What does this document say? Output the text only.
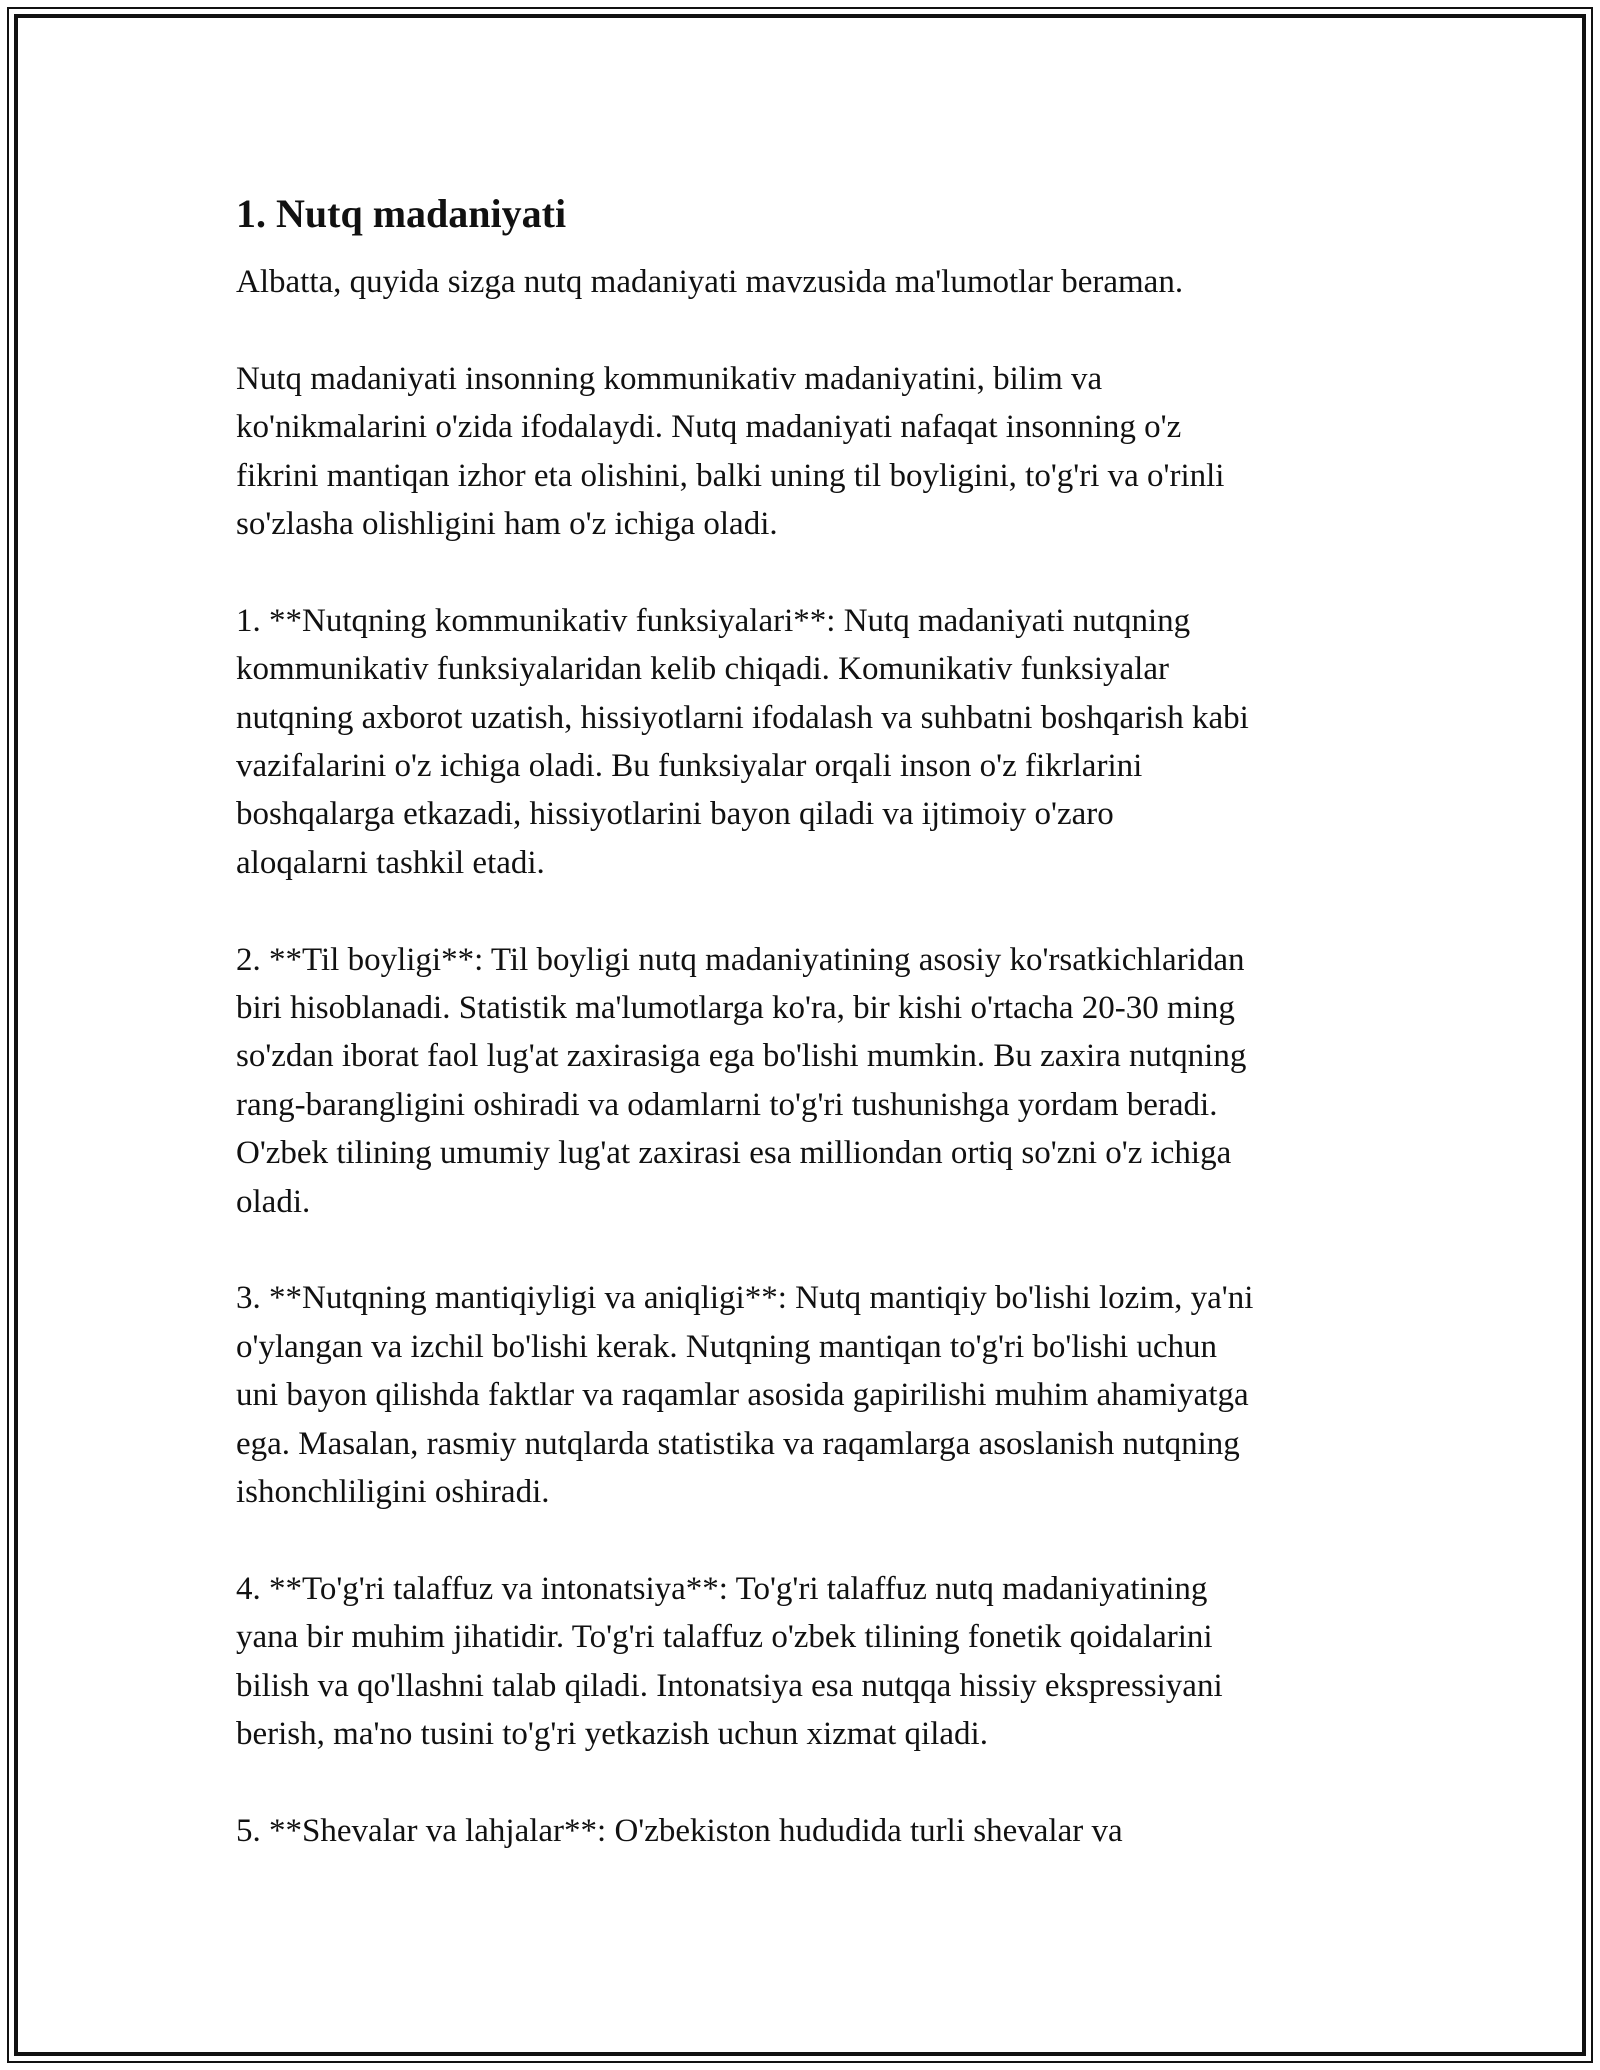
1. Nutq madaniyati

Albatta, quyida sizga nutq madaniyati mavzusida ma'lumotlar beraman.

Nutq madaniyati insonning kommunikativ madaniyatini, bilim va
ko'nikmalarini o'zida ifodalaydi. Nutq madaniyati nafaqat insonning o'z
fikrini mantiqan izhor eta olishini, balki uning til boyligini, to'g'ri va o'rinli
so'zlasha olishligini ham o'z ichiga oladi.

1. **Nutqning kommunikativ funksiyalari**: Nutq madaniyati nutqning
kommunikativ funksiyalaridan kelib chiqadi. Komunikativ funksiyalar
nutqning axborot uzatish, hissiyotlarni ifodalash va suhbatni boshqarish kabi
vazifalarini o'z ichiga oladi. Bu funksiyalar orqali inson o'z fikrlarini
boshqalarga etkazadi, hissiyotlarini bayon qiladi va ijtimoiy o'zaro
aloqalarni tashkil etadi.

2. **Til boyligi**: Til boyligi nutq madaniyatining asosiy ko'rsatkichlaridan
biri hisoblanadi. Statistik ma'lumotlarga ko'ra, bir kishi o'rtacha 20-30 ming
so'zdan iborat faol lug'at zaxirasiga ega bo'lishi mumkin. Bu zaxira nutqning
rang-barangligini oshiradi va odamlarni to'g'ri tushunishga yordam beradi.
O'zbek tilining umumiy lug'at zaxirasi esa milliondan ortiq so'zni o'z ichiga
oladi.

3. **Nutqning mantiqiyligi va aniqligi**: Nutq mantiqiy bo'lishi lozim, ya'ni
o'ylangan va izchil bo'lishi kerak. Nutqning mantiqan to'g'ri bo'lishi uchun
uni bayon qilishda faktlar va raqamlar asosida gapirilishi muhim ahamiyatga
ega. Masalan, rasmiy nutqlarda statistika va raqamlarga asoslanish nutqning
ishonchliligini oshiradi.

4. **To'g'ri talaffuz va intonatsiya**: To'g'ri talaffuz nutq madaniyatining
yana bir muhim jihatidir. To'g'ri talaffuz o'zbek tilining fonetik qoidalarini
bilish va qo'llashni talab qiladi. Intonatsiya esa nutqqa hissiy ekspressiyani
berish, ma'no tusini to'g'ri yetkazish uchun xizmat qiladi.

5. **Shevalar va lahjalar**: O'zbekiston hududida turli shevalar va
